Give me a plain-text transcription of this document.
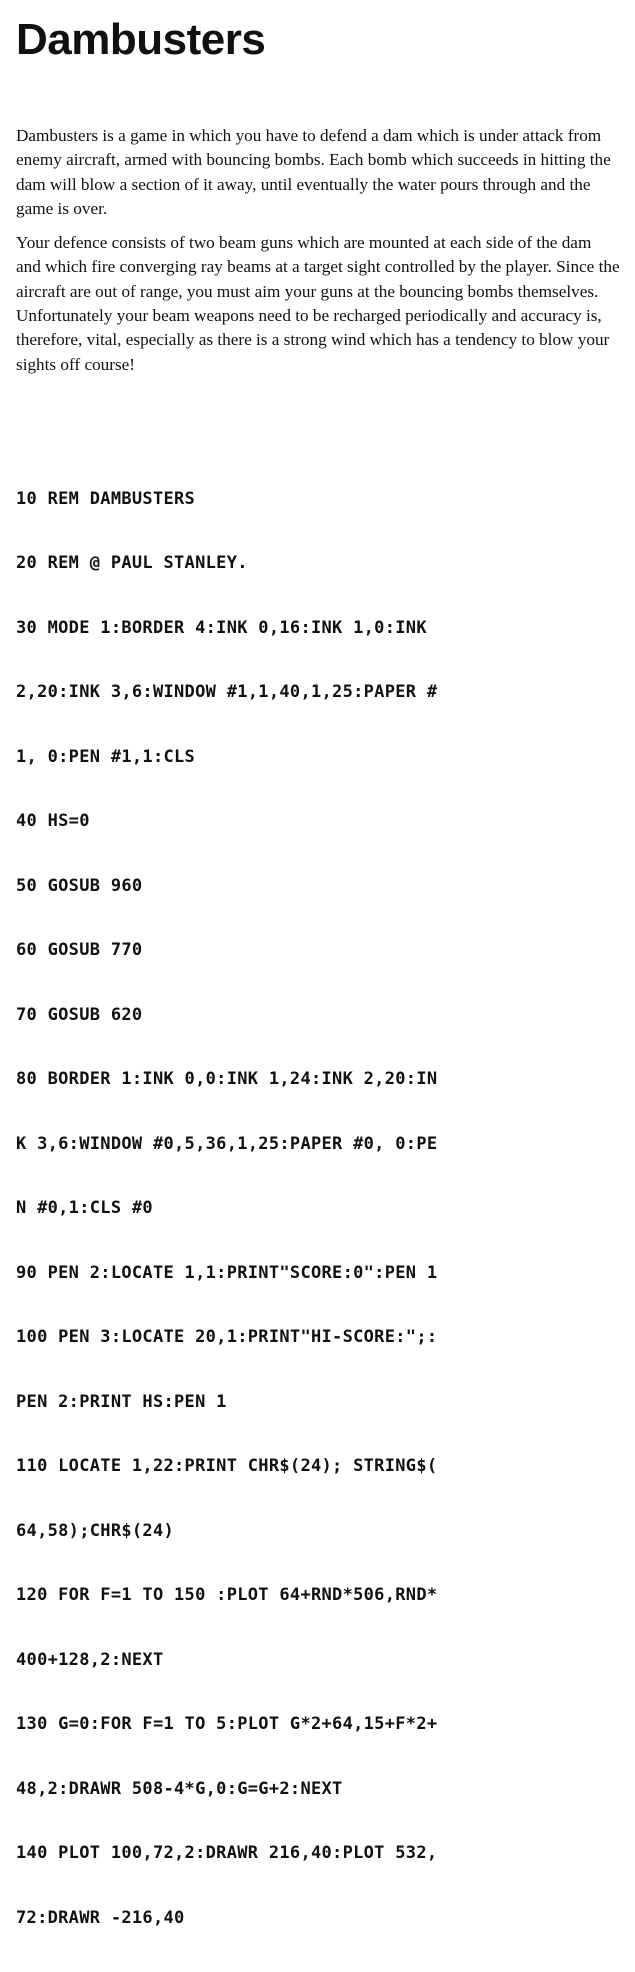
Dambusters

Dambusters is a game in which you have to defend a dam which is under attack from enemy aircraft, armed with bouncing bombs. Each bomb which succeeds in hitting the dam will blow a section of it away, until eventually the water pours through and the game is over.

Your defence consists of two beam guns which are mounted at each side of the dam and which fire converging ray beams at a target sight controlled by the player. Since the aircraft are out of range, you must aim your guns at the bouncing bombs themselves. Unfortunately your beam weapons need to be recharged periodically and accuracy is, therefore, vital, especially as there is a strong wind which has a tendency to blow your sights off course!

10 REM DAMBUSTERS

20 REM @ PAUL STANLEY.

30 MODE 1:BORDER 4:INK 0,16:INK 1,0:INK

2,20:INK 3,6:WINDOW #1,1,40,1,25:PAPER #

1, 0:PEN #1,1:CLS

40 HS=0

50 GOSUB 960

60 GOSUB 770

70 GOSUB 620

80 BORDER 1:INK 0,0:INK 1,24:INK 2,20:IN

K 3,6:WINDOW #0,5,36,1,25:PAPER #0, 0:PE

N #0,1:CLS #0

90 PEN 2:LOCATE 1,1:PRINT"SCORE:0":PEN 1

100 PEN 3:LOCATE 20,1:PRINT"HI-SCORE:";:

PEN 2:PRINT HS:PEN 1

110 LOCATE 1,22:PRINT CHR$(24); STRING$(

64,58);CHR$(24)

120 FOR F=1 TO 150 :PLOT 64+RND*506,RND*

400+128,2:NEXT

130 G=0:FOR F=1 TO 5:PLOT G*2+64,15+F*2+

48,2:DRAWR 508-4*G,0:G=G+2:NEXT

140 PLOT 100,72,2:DRAWR 216,40:PLOT 532,

72:DRAWR -216,40
